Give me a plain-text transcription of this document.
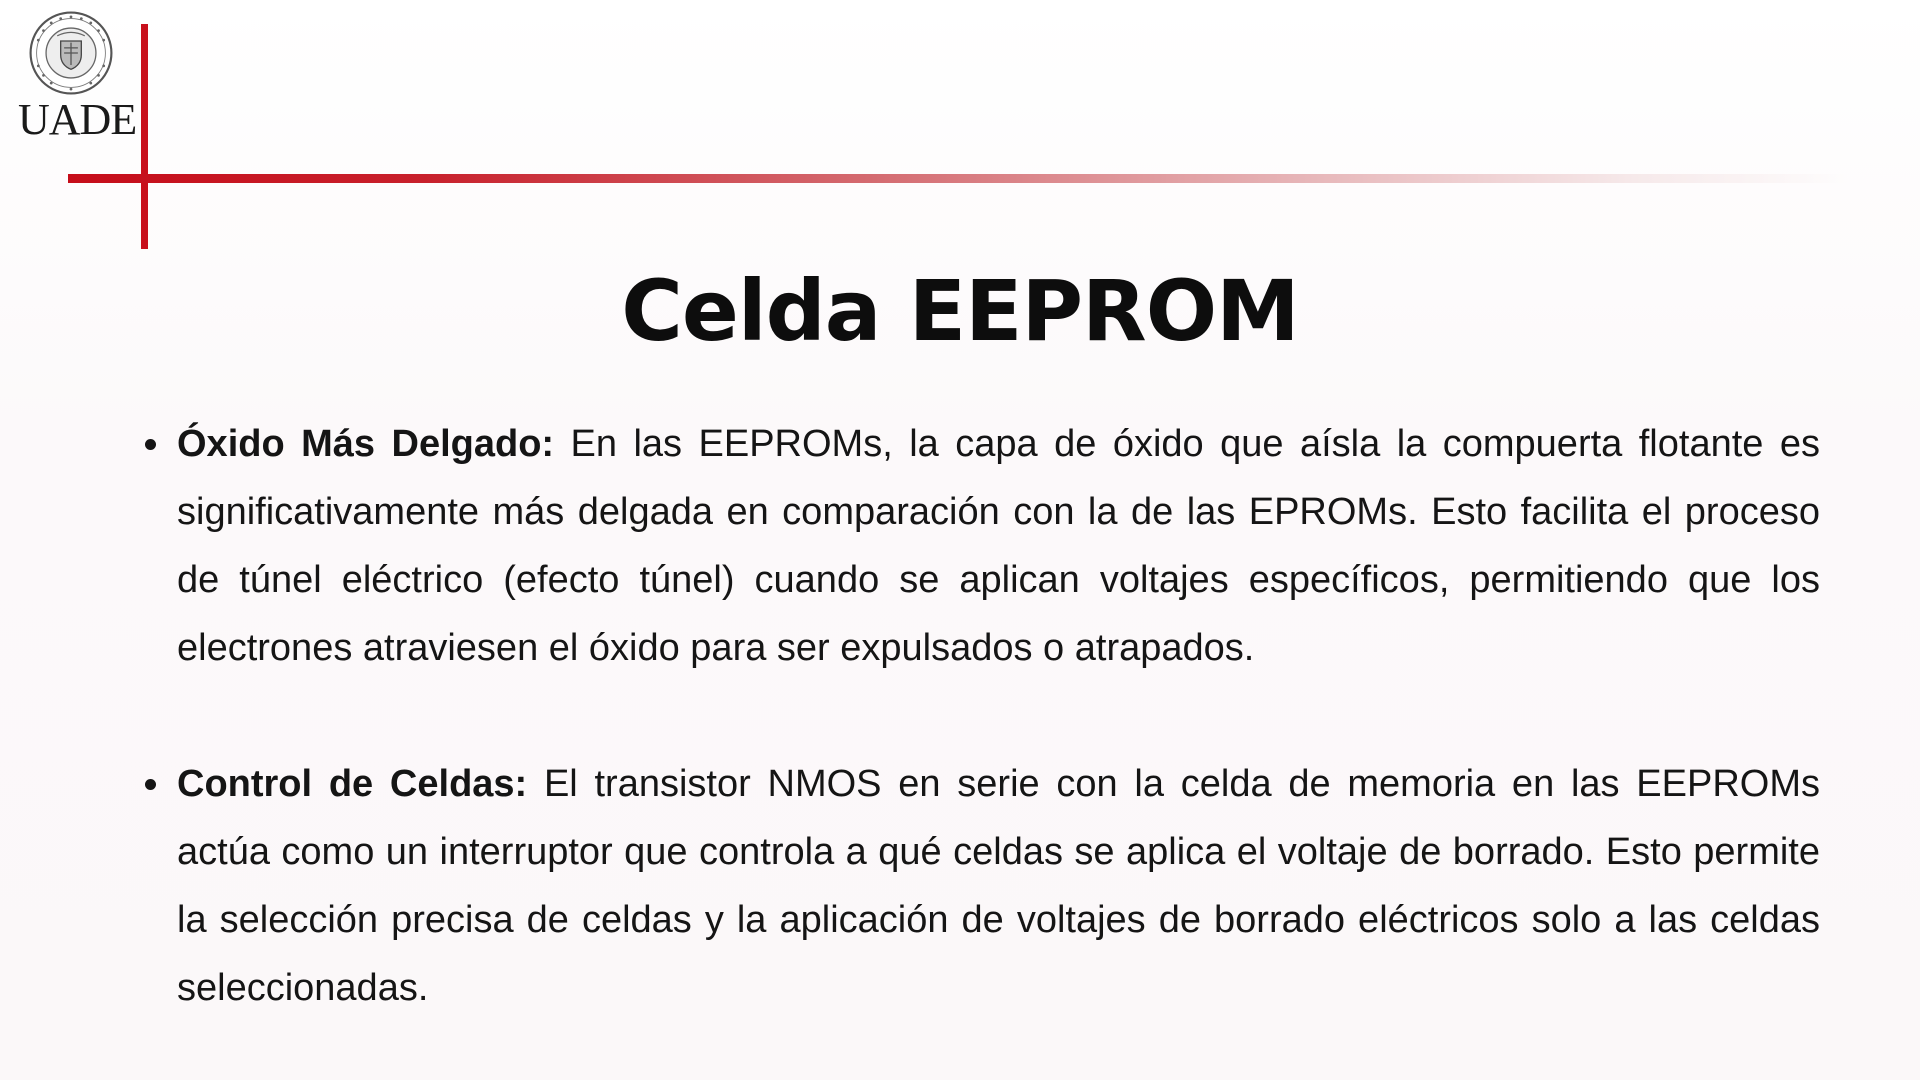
UADE
Celda EEPROM
Óxido Más Delgado: En las EEPROMs, la capa de óxido que aísla la compuerta flotante es significativamente más delgada en comparación con la de las EPROMs. Esto facilita el proceso de túnel eléctrico (efecto túnel) cuando se aplican voltajes específicos, permitiendo que los electrones atraviesen el óxido para ser expulsados o atrapados.
Control de Celdas: El transistor NMOS en serie con la celda de memoria en las EEPROMs actúa como un interruptor que controla a qué celdas se aplica el voltaje de borrado. Esto permite la selección precisa de celdas y la aplicación de voltajes de borrado eléctricos solo a las celdas seleccionadas.
